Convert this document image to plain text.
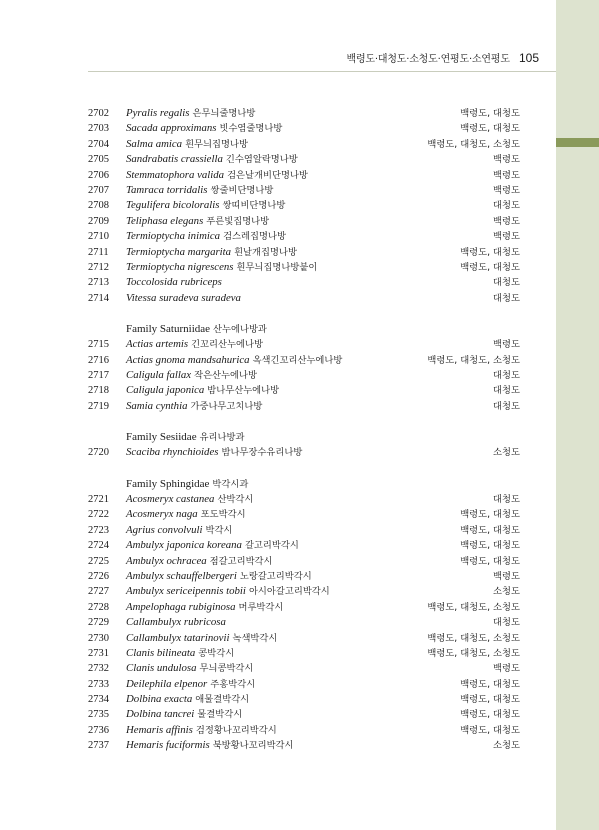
백령도·대청도·소청도·연평도·소연평도 105
2702	Pyralis regalis 은무늬줄명나방	백령도, 대청도
2703	Sacada approximans 빗수염줄명나방	백령도, 대청도
2704	Salma amica 흰무늬집명나방	백령도, 대청도, 소청도
2705	Sandrabatis crassiella 긴수염알락명나방	백령도
2706	Stemmatophora valida 검은날개비단명나방	백령도
2707	Tamraca torridalis 쌍줄비단명나방	백령도
2708	Tegulifera bicoloralis 쌍띠비단명나방	대청도
2709	Teliphasa elegans 푸른빛집명나방	백령도
2710	Termioptycha inimica 검스레집명나방	백령도
2711	Termioptycha margarita 흰날개집명나방	백령도, 대청도
2712	Termioptycha nigrescens 흰무늬집명나방붙이	백령도, 대청도
2713	Toccolosida rubriceps	대청도
2714	Vitessa suradeva suradeva	대청도
Family Saturniidae 산누에나방과
2715	Actias artemis 긴꼬리산누에나방	백령도
2716	Actias gnoma mandsahurica 옥색긴꼬리산누에나방	백령도, 대청도, 소청도
2717	Caligula fallax 작은산누에나방	대청도
2718	Caligula japonica 밤나무산누에나방	대청도
2719	Samia cynthia 가중나무고치나방	대청도
Family Sesiidae 유리나방과
2720	Scaciba rhynchioides 밤나무장수유리나방	소청도
Family Sphingidae 박각시과
2721	Acosmeryx castanea 산박각시	대청도
2722	Acosmeryx naga 포도박각시	백령도, 대청도
2723	Agrius convolvuli 박각시	백령도, 대청도
2724	Ambulyx japonica koreana 갈고리박각시	백령도, 대청도
2725	Ambulyx ochracea 점갈고리박각시	백령도, 대청도
2726	Ambulyx schauffelbergeri 노랑갈고리박각시	백령도
2727	Ambulyx sericeipennis tobii 아시아갈고리박각시	소청도
2728	Ampelophaga rubiginosa 머루박각시	백령도, 대청도, 소청도
2729	Callambulyx rubricosa	대청도
2730	Callambulyx tatarinovii 녹색박각시	백령도, 대청도, 소청도
2731	Clanis bilineata 콩박각시	백령도, 대청도, 소청도
2732	Clanis undulosa 무늬콩박각시	백령도
2733	Deilephila elpenor 주홍박각시	백령도, 대청도
2734	Dolbina exacta 애물결박각시	백령도, 대청도
2735	Dolbina tancrei 물결박각시	백령도, 대청도
2736	Hemaris affinis 검정황나꼬리박각시	백령도, 대청도
2737	Hemaris fuciformis 북방황나꼬리박각시	소청도
